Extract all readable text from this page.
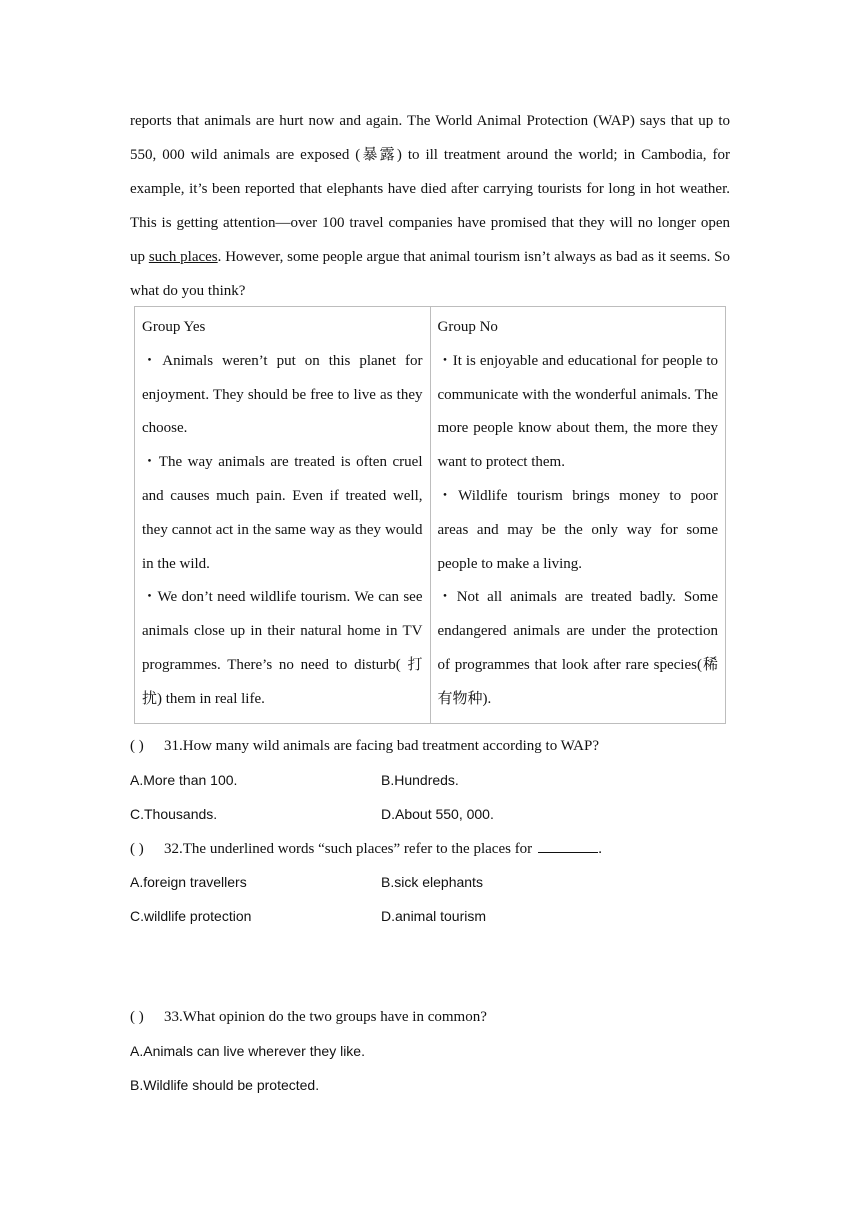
reports that animals are hurt now and again. The World Animal Protection (WAP) says that up to 550, 000 wild animals are exposed (暴露) to ill treatment around the world; in Cambodia, for example, it’s been reported that elephants have died after carrying tourists for long in hot weather. This is getting attention—over 100 travel companies have promised that they will no longer open up such places. However, some people argue that animal tourism isn’t always as bad as it seems. So what do you think?

Group Yes
・Animals weren’t put on this planet for enjoyment. They should be free to live as they choose.
・The way animals are treated is often cruel and causes much pain. Even if treated well, they cannot act in the same way as they would in the wild.
・We don’t need wildlife tourism. We can see animals close up in their natural home in TV programmes. There’s no need to disturb( 打扰) them in real life.

Group No
・It is enjoyable and educational for people to communicate with the wonderful animals. The more people know about them, the more they want to protect them.
・Wildlife tourism brings money to poor areas and may be the only way for some people to make a living.
・Not all animals are treated badly. Some endangered animals are under the protection of programmes that look after rare species(稀有物种).
( ) 31.How many wild animals are facing bad treatment according to WAP?
A.More than 100.	B.Hundreds.
C.Thousands.	D.About 550, 000.
( ) 32.The underlined words “such places” refer to the places for	.
A.foreign travellers	B.sick elephants
C.wildlife protection	D.animal tourism
( ) 33.What opinion do the two groups have in common?
A.Animals can live wherever they like.
B.Wildlife should be protected.
